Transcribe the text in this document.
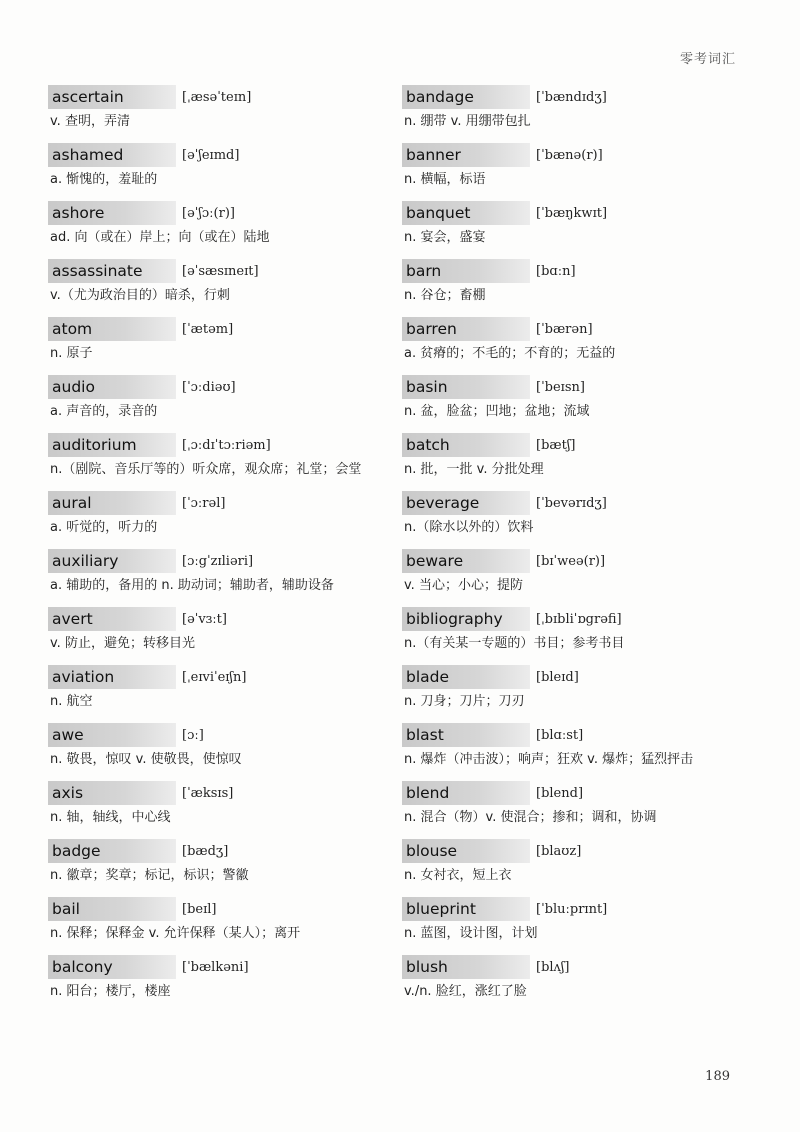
零考词汇
ascertain	[ˌæsəˈteɪn]
v. 查明，弄清
ashamed	[əˈʃeɪmd]
a. 惭愧的，羞耻的
ashore	[əˈʃɔː(r)]
ad. 向（或在）岸上；向（或在）陆地
assassinate	[əˈsæsɪneɪt]
v.（尤为政治目的）暗杀，行刺
atom	[ˈætəm]
n. 原子
audio	[ˈɔːdiəʊ]
a. 声音的，录音的
auditorium	[ˌɔːdɪˈtɔːriəm]
n.（剧院、音乐厅等的）听众席，观众席；礼堂；会堂
aural	[ˈɔːrəl]
a. 听觉的，听力的
auxiliary	[ɔːgˈzɪliəri]
a. 辅助的，备用的 n. 助动词；辅助者，辅助设备
avert	[əˈvɜːt]
v. 防止，避免；转移目光
aviation	[ˌeɪviˈeɪʃn]
n. 航空
awe	[ɔː]
n. 敬畏，惊叹 v. 使敬畏，使惊叹
axis	[ˈæksɪs]
n. 轴，轴线，中心线
badge	[bædʒ]
n. 徽章；奖章；标记，标识；警徽
bail	[beɪl]
n. 保释；保释金 v. 允许保释（某人）；离开
balcony	[ˈbælkəni]
n. 阳台；楼厅，楼座
bandage	[ˈbændɪdʒ]
n. 绷带 v. 用绷带包扎
banner	[ˈbænə(r)]
n. 横幅，标语
banquet	[ˈbæŋkwɪt]
n. 宴会，盛宴
barn	[bɑːn]
n. 谷仓；畜棚
barren	[ˈbærən]
a. 贫瘠的；不毛的；不育的；无益的
basin	[ˈbeɪsn]
n. 盆，脸盆；凹地；盆地；流域
batch	[bætʃ]
n. 批，一批 v. 分批处理
beverage	[ˈbevərɪdʒ]
n.（除水以外的）饮料
beware	[bɪˈweə(r)]
v. 当心；小心；提防
bibliography	[ˌbɪbliˈɒgrəfi]
n.（有关某一专题的）书目；参考书目
blade	[bleɪd]
n. 刀身；刀片；刀刃
blast	[blɑːst]
n. 爆炸（冲击波）；响声；狂欢 v. 爆炸；猛烈抨击
blend	[blend]
n. 混合（物）v. 使混合；掺和；调和，协调
blouse	[blaʊz]
n. 女衬衣，短上衣
blueprint	[ˈbluːprɪnt]
n. 蓝图，设计图，计划
blush	[blʌʃ]
v./n. 脸红，涨红了脸
189
